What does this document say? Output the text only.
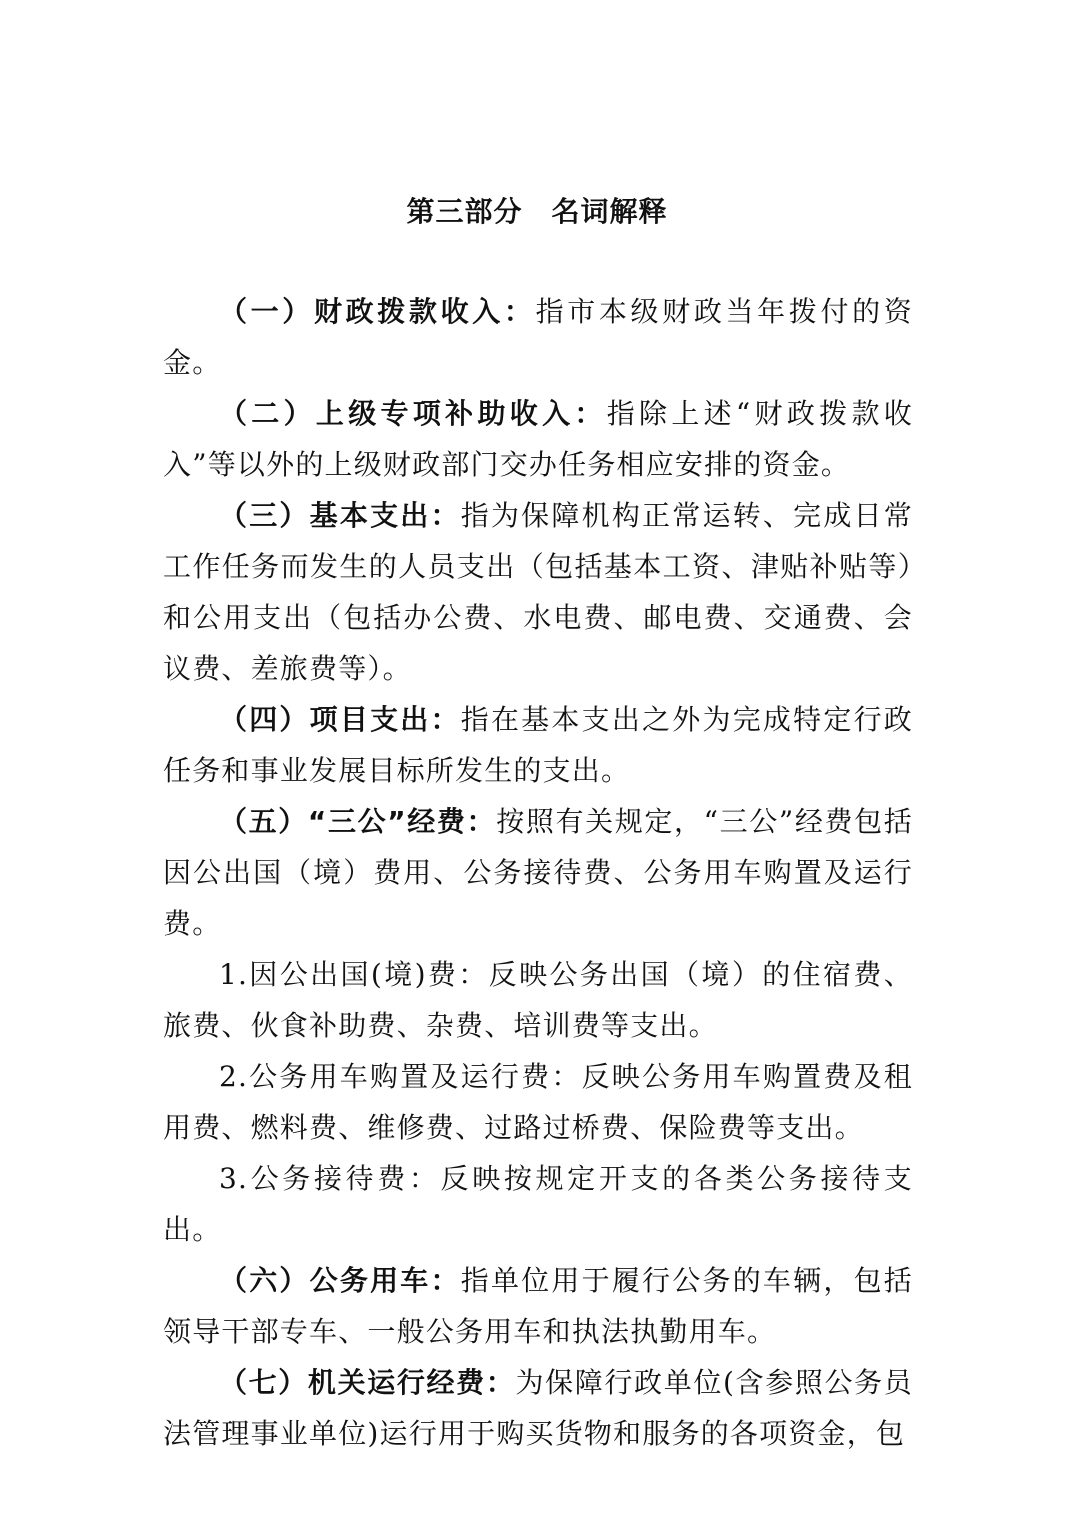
第三部分　名词解释

（一）财政拨款收入：指市本级财政当年拨付的资金。

（二）上级专项补助收入：指除上述“财政拨款收入”等以外的上级财政部门交办任务相应安排的资金。

（三）基本支出：指为保障机构正常运转、完成日常工作任务而发生的人员支出（包括基本工资、津贴补贴等）和公用支出（包括办公费、水电费、邮电费、交通费、会议费、差旅费等）。

（四）项目支出：指在基本支出之外为完成特定行政任务和事业发展目标所发生的支出。

（五）“三公”经费：按照有关规定，“三公”经费包括因公出国（境）费用、公务接待费、公务用车购置及运行费。

1.因公出国(境)费：反映公务出国（境）的住宿费、旅费、伙食补助费、杂费、培训费等支出。

2.公务用车购置及运行费：反映公务用车购置费及租用费、燃料费、维修费、过路过桥费、保险费等支出。

3.公务接待费：反映按规定开支的各类公务接待支出。

（六）公务用车：指单位用于履行公务的车辆，包括领导干部专车、一般公务用车和执法执勤用车。

（七）机关运行经费：为保障行政单位(含参照公务员法管理事业单位)运行用于购买货物和服务的各项资金，包
